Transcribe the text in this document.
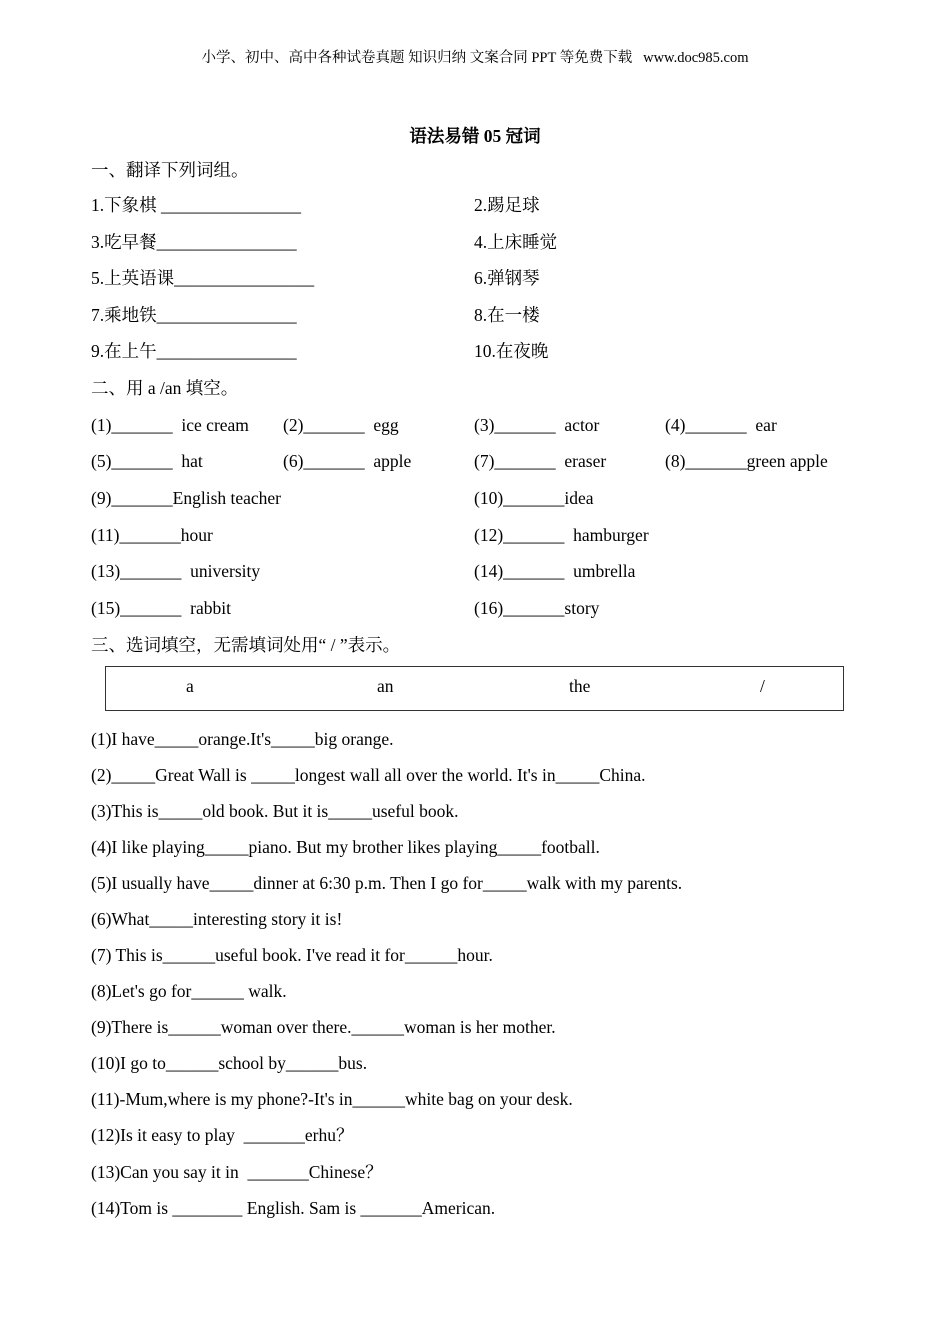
小学、初中、高中各种试卷真题 知识归纳 文案合同 PPT 等免费下载   www.doc985.com
语法易错 05 冠词
一、翻译下列词组。
1.下象棋 ________________	2.踢足球
3.吃早餐________________	4.上床睡觉
5.上英语课________________	6.弹钢琴
7.乘地铁________________	8.在一楼
9.在上午________________	10.在夜晚
二、用 a /an 填空。
(1)_______  ice cream (2)_______  egg	(3)_______  actor	(4)_______  ear
(5)_______  hat	(6)_______  apple	(7)_______  eraser	(8)_______green apple
(9)_______English teacher	(10)_______idea
(11)_______hour	(12)_______  hamburger
(13)_______  university	(14)_______  umbrella
(15)_______  rabbit	(16)_______story
三、选词填空，无需填词处用“ / ”表示。
a	an	the	/
(1)I have_____orange.It's_____big orange.
(2)_____Great Wall is _____longest wall all over the world. It's in_____China.
(3)This is_____old book. But it is_____useful book.
(4)I like playing_____piano. But my brother likes playing_____football.
(5)I usually have_____dinner at 6:30 p.m. Then I go for_____walk with my parents.
(6)What_____interesting story it is!
(7) This is______useful book. I've read it for______hour.
(8)Let's go for______ walk.
(9)There is______woman over there.______woman is her mother.
(10)I go to______school by______bus.
(11)-Mum,where is my phone?-It's in______white bag on your desk.
(12)Is it easy to play  _______erhu？
(13)Can you say it in  _______Chinese？
(14)Tom is ________ English. Sam is _______American.
